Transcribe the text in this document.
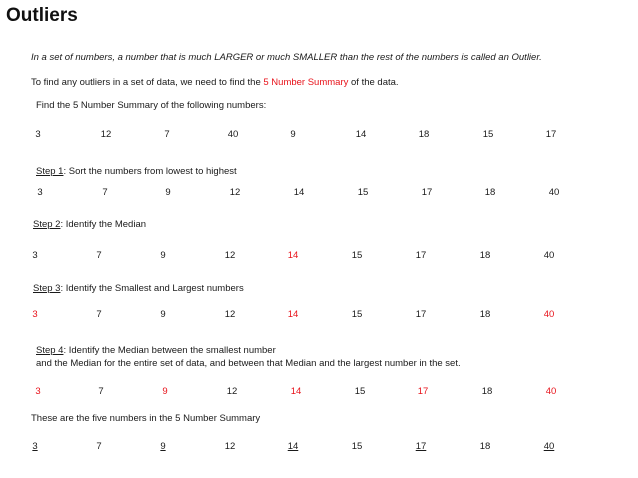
Outliers
In a set of numbers, a number that is much LARGER or much SMALLER than the rest of the numbers is called an Outlier.
To find any outliers in a set of data, we need to find the 5 Number Summary of the data.
Find the 5 Number Summary of the following numbers:
3	12	7	40	9	14	18	15	17
Step 1: Sort the numbers from lowest to highest
3	7	9	12	14	15	17	18	40
Step 2: Identify the Median
3	7	9	12	14	15	17	18	40
Step 3: Identify the Smallest and Largest numbers
3	7	9	12	14	15	17	18	40
Step 4: Identify the Median between the smallest number
and the Median for the entire set of data, and between that Median and the largest number in the set.
3	7	9	12	14	15	17	18	40
These are the five numbers in the 5 Number Summary
3	7	9	12	14	15	17	18	40
